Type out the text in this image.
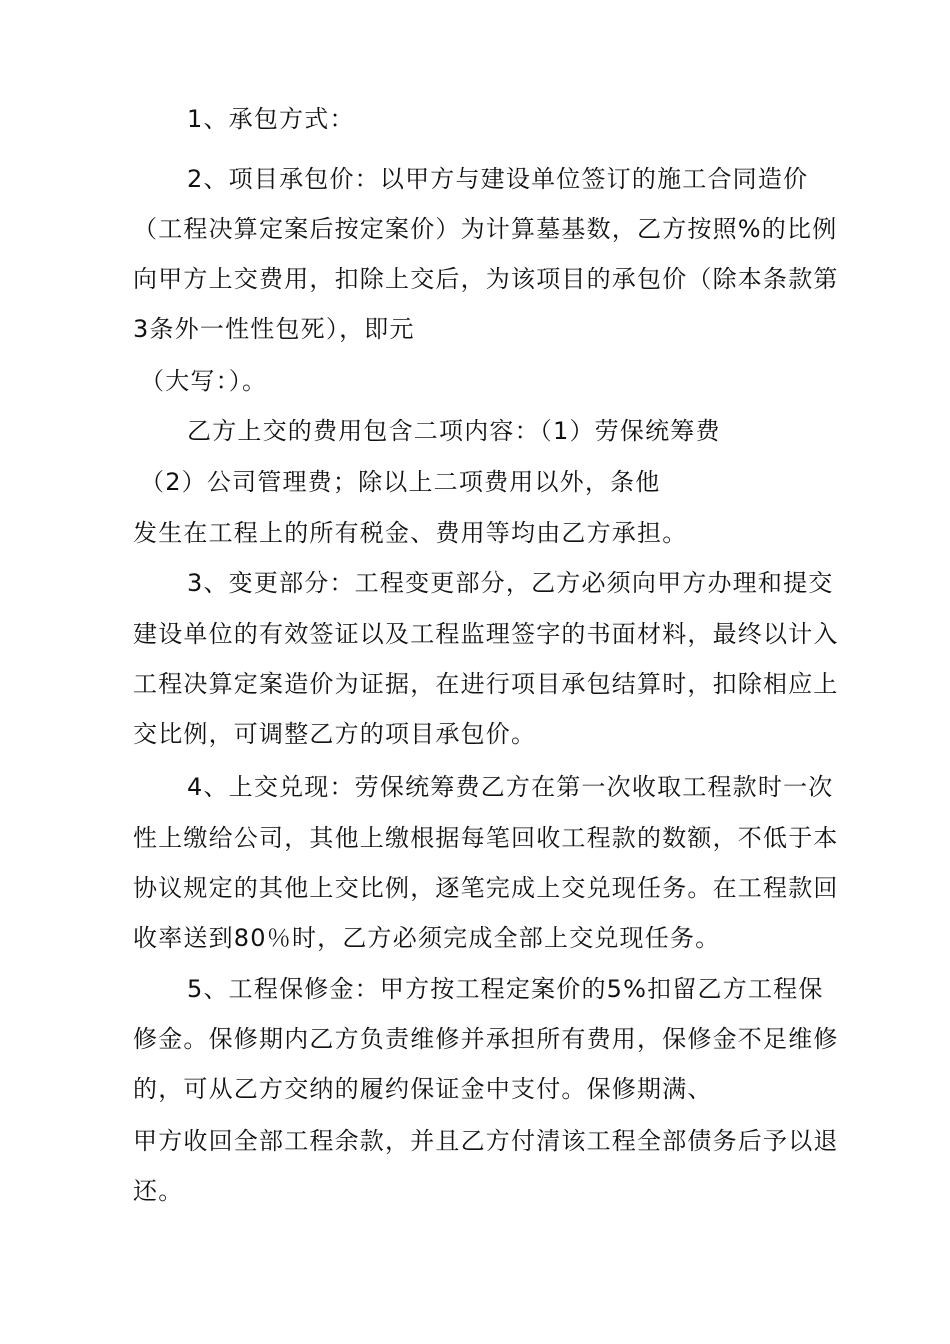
1、承包方式：
2、项目承包价：以甲方与建设单位签订的施工合同造价
（工程决算定案后按定案价）为计算墓基数，乙方按照%的比例
向甲方上交费用，扣除上交后，为该项目的承包价（除本条款第
3条外一性性包死），即元
（大写：）。
乙方上交的费用包含二项内容：（1）劳保统筹费
（2）公司管理费；除以上二项费用以外，条他
发生在工程上的所有税金、费用等均由乙方承担。
3、变更部分：工程变更部分，乙方必须向甲方办理和提交
建设单位的有效签证以及工程监理签字的书面材料，最终以计入
工程决算定案造价为证据，在进行项目承包结算时，扣除相应上
交比例，可调整乙方的项目承包价。
4、上交兑现：劳保统筹费乙方在第一次收取工程款时一次
性上缴给公司，其他上缴根据每笔回收工程款的数额，不低于本
协议规定的其他上交比例，逐笔完成上交兑现任务。在工程款回
收率送到80％时，乙方必须完成全部上交兑现任务。
5、工程保修金：甲方按工程定案价的5%扣留乙方工程保
修金。保修期内乙方负责维修并承担所有费用，保修金不足维修
的，可从乙方交纳的履约保证金中支付。保修期满、
甲方收回全部工程余款，并且乙方付清该工程全部债务后予以退
还。
